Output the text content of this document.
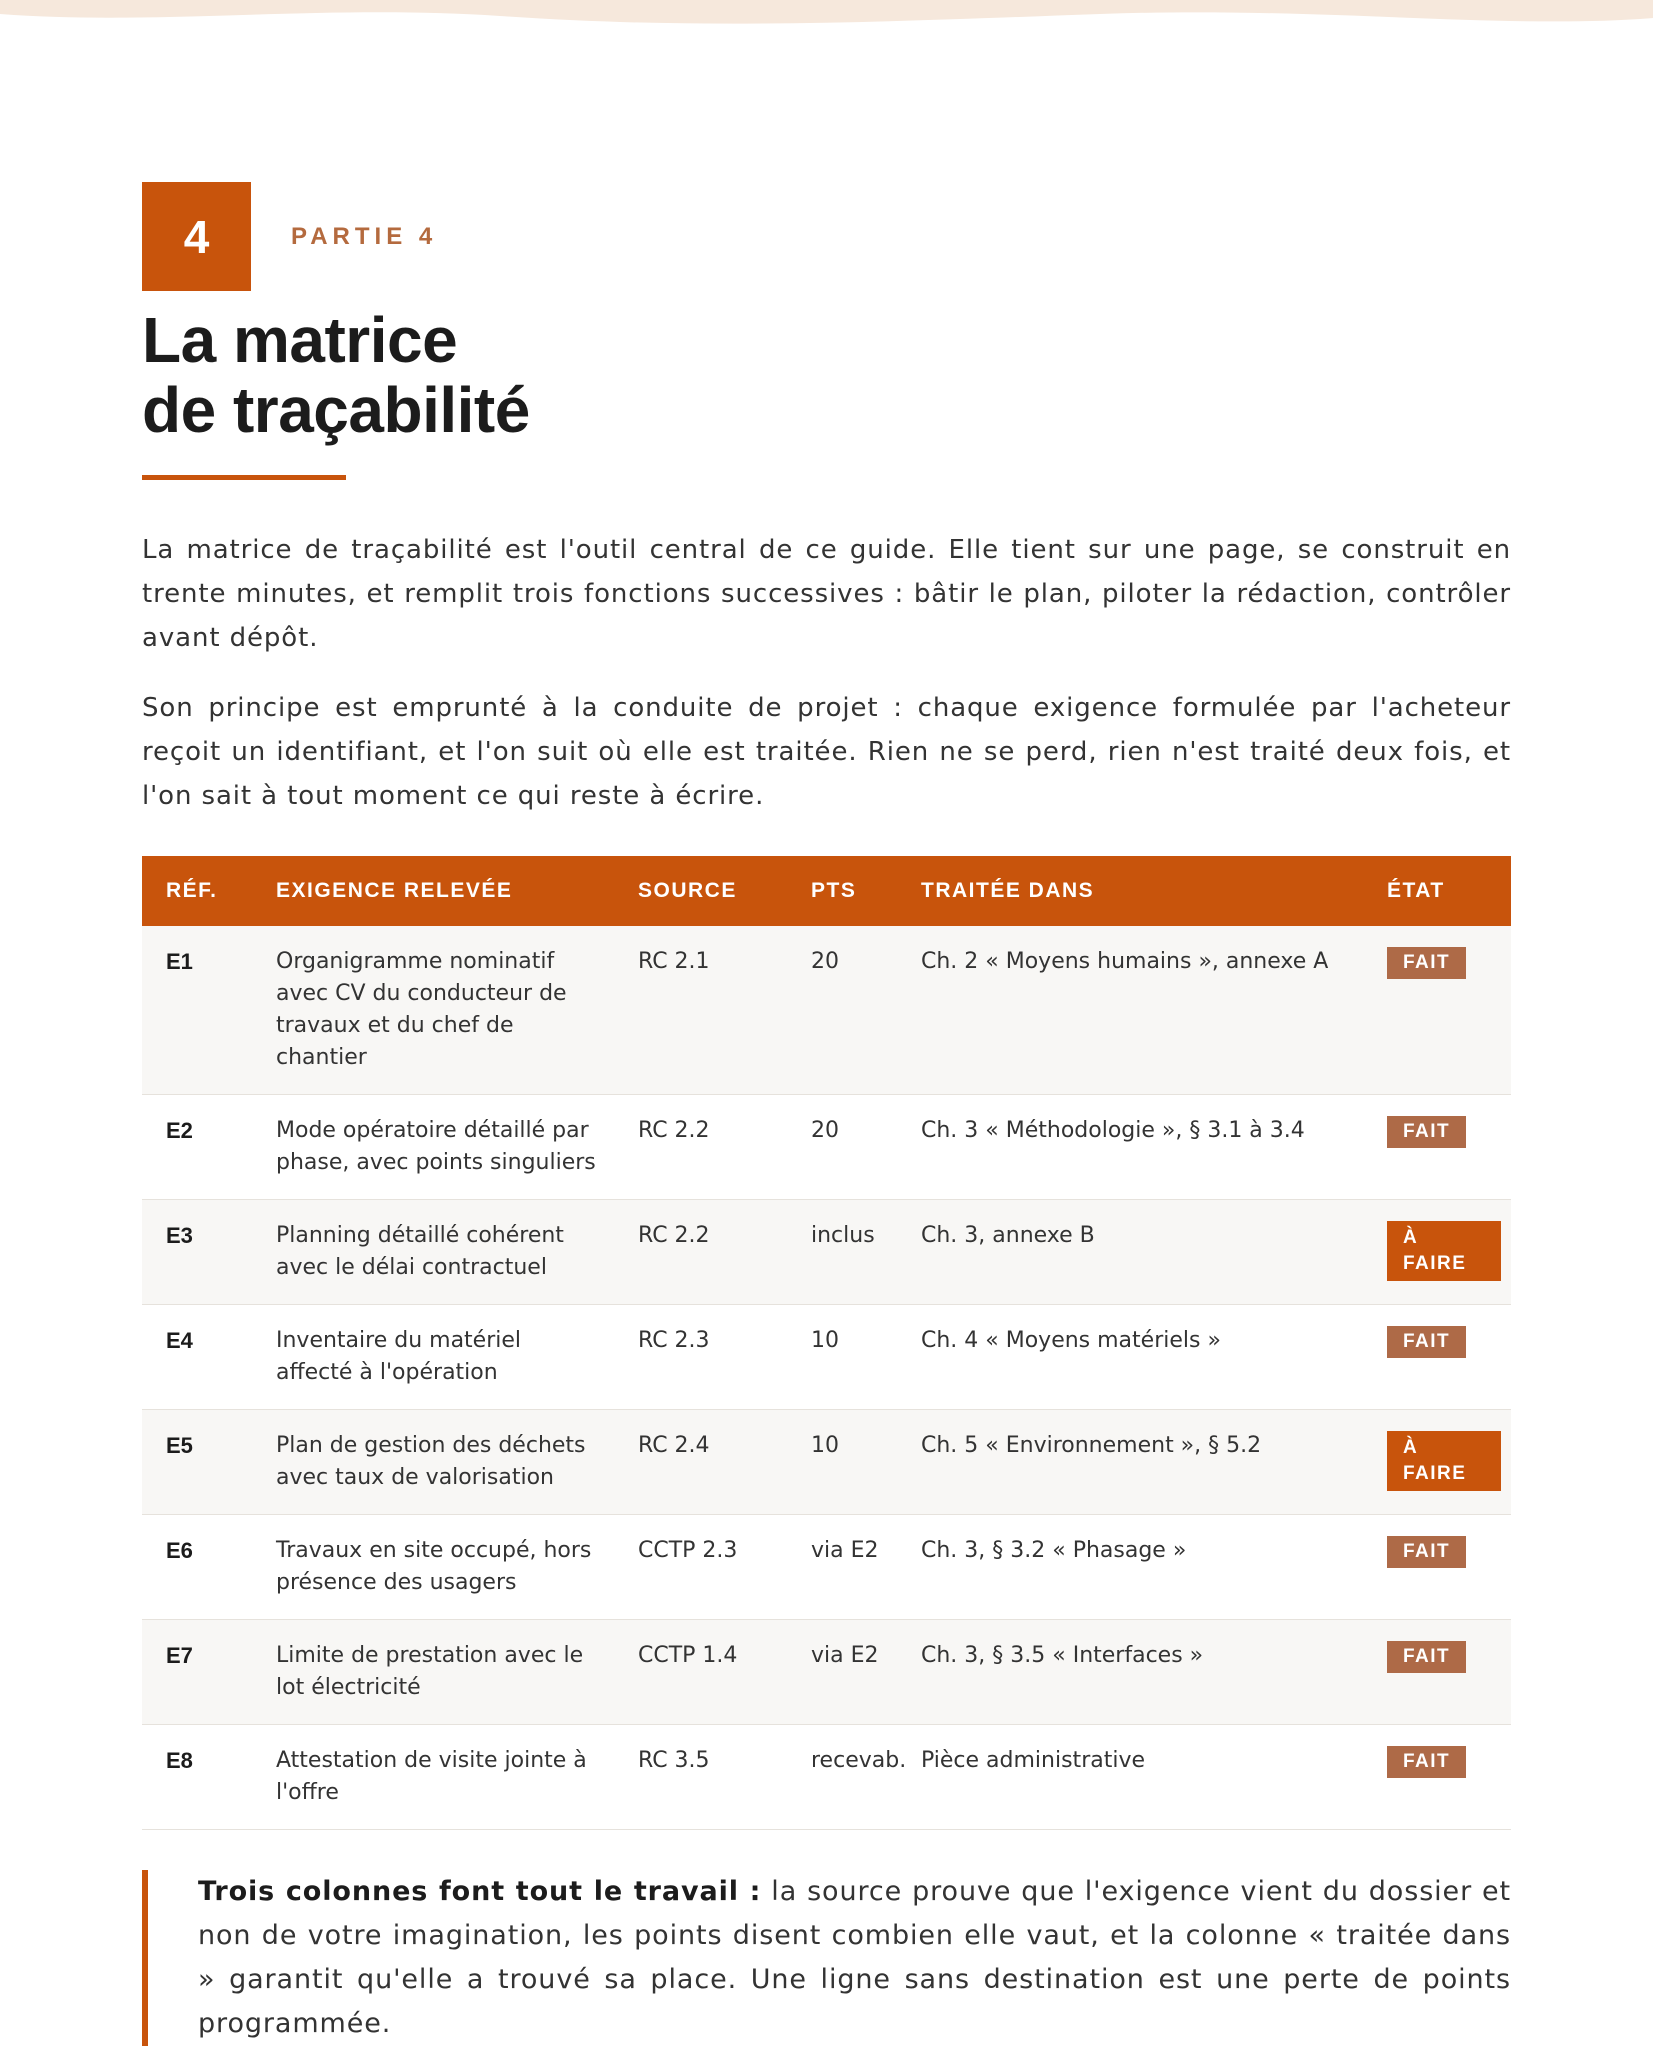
4	PARTIE 4
La matrice
de traçabilité

La matrice de traçabilité est l'outil central de ce guide. Elle tient sur une page, se construit en trente minutes, et remplit trois fonctions successives : bâtir le plan, piloter la rédaction, contrôler avant dépôt.

Son principe est emprunté à la conduite de projet : chaque exigence formulée par l'acheteur reçoit un identifiant, et l'on suit où elle est traitée. Rien ne se perd, rien n'est traité deux fois, et l'on sait à tout moment ce qui reste à écrire.

RÉF.	EXIGENCE RELEVÉE	SOURCE	PTS	TRAITÉE DANS	ÉTAT
E1	Organigramme nominatif avec CV du conducteur de travaux et du chef de chantier	RC 2.1	20	Ch. 2 « Moyens humains », annexe A	FAIT
E2	Mode opératoire détaillé par phase, avec points singuliers	RC 2.2	20	Ch. 3 « Méthodologie », § 3.1 à 3.4	FAIT
E3	Planning détaillé cohérent avec le délai contractuel	RC 2.2	inclus	Ch. 3, annexe B	À FAIRE
E4	Inventaire du matériel affecté à l'opération	RC 2.3	10	Ch. 4 « Moyens matériels »	FAIT
E5	Plan de gestion des déchets avec taux de valorisation	RC 2.4	10	Ch. 5 « Environnement », § 5.2	À FAIRE
E6	Travaux en site occupé, hors présence des usagers	CCTP 2.3	via E2	Ch. 3, § 3.2 « Phasage »	FAIT
E7	Limite de prestation avec le lot électricité	CCTP 1.4	via E2	Ch. 3, § 3.5 « Interfaces »	FAIT
E8	Attestation de visite jointe à l'offre	RC 3.5	recevab.	Pièce administrative	FAIT
Trois colonnes font tout le travail : la source prouve que l'exigence vient du dossier et non de votre imagination, les points disent combien elle vaut, et la colonne « traitée dans » garantit qu'elle a trouvé sa place. Une ligne sans destination est une perte de points programmée.
